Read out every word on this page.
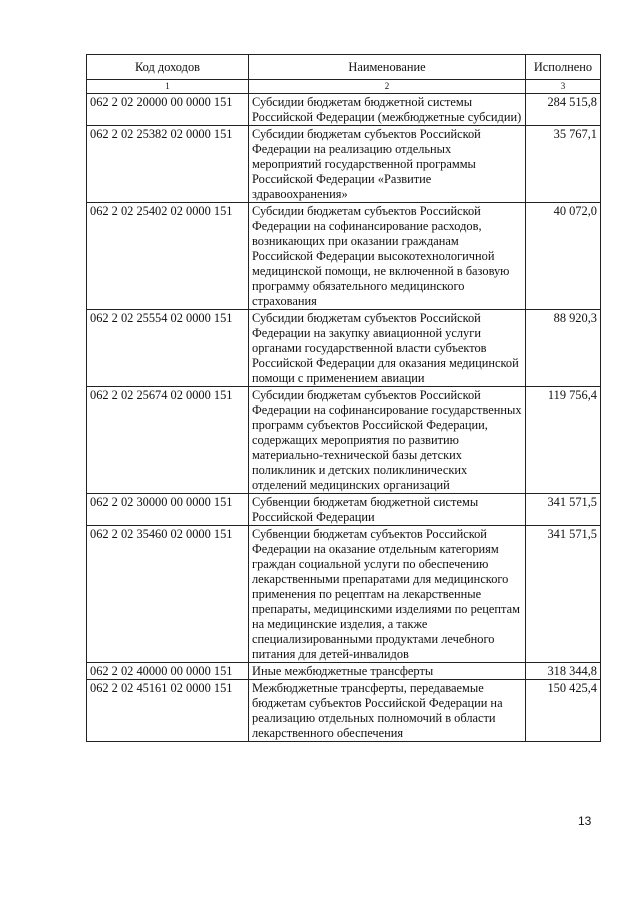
Код доходов	Наименование	Исполнено
1	2	3
062 2 02 20000 00 0000 151	Субсидии бюджетам бюджетной системы Российской Федерации (межбюджетные субсидии)	284 515,8
062 2 02 25382 02 0000 151	Субсидии бюджетам субъектов Российской Федерации на реализацию отдельных мероприятий государственной программы Российской Федерации «Развитие здравоохранения»	35 767,1
062 2 02 25402 02 0000 151	Субсидии бюджетам субъектов Российской Федерации на софинансирование расходов, возникающих при оказании гражданам Российской Федерации высокотехнологичной медицинской помощи, не включенной в базовую программу обязательного медицинского страхования	40 072,0
062 2 02 25554 02 0000 151	Субсидии бюджетам субъектов Российской Федерации на закупку авиационной услуги органами государственной власти субъектов Российской Федерации для оказания медицинской помощи с применением авиации	88 920,3
062 2 02 25674 02 0000 151	Субсидии бюджетам субъектов Российской Федерации на софинансирование государственных программ субъектов Российской Федерации, содержащих мероприятия по развитию материально-технической базы детских поликлиник и детских поликлинических отделений медицинских организаций	119 756,4
062 2 02 30000 00 0000 151	Субвенции бюджетам бюджетной системы Российской Федерации	341 571,5
062 2 02 35460 02 0000 151	Субвенции бюджетам субъектов Российской Федерации на оказание отдельным категориям граждан социальной услуги по обеспечению лекарственными препаратами для медицинского применения по рецептам на лекарственные препараты, медицинскими изделиями по рецептам на медицинские изделия, а также специализированными продуктами лечебного питания для детей-инвалидов	341 571,5
062 2 02 40000 00 0000 151	Иные межбюджетные трансферты	318 344,8
062 2 02 45161 02 0000 151	Межбюджетные трансферты, передаваемые бюджетам субъектов Российской Федерации на реализацию отдельных полномочий в области лекарственного обеспечения	150 425,4
13
